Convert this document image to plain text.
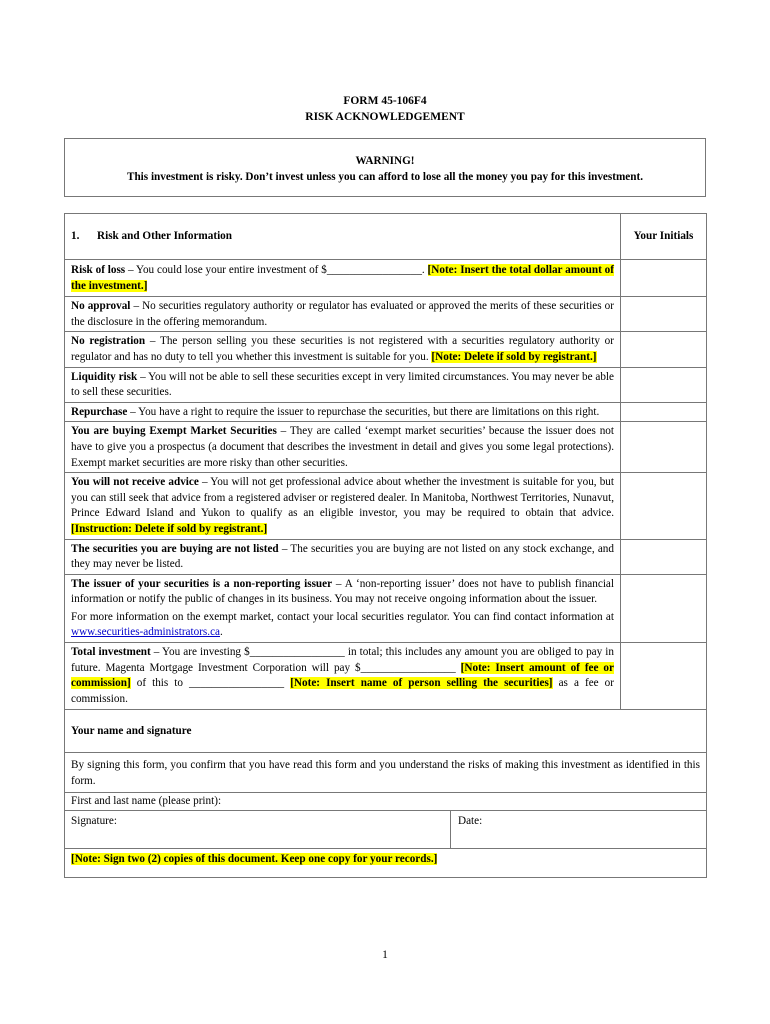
FORM 45-106F4
RISK ACKNOWLEDGEMENT
WARNING!
This investment is risky. Don’t invest unless you can afford to lose all the money you pay for this investment.
1. Risk and Other Information	Your Initials
Risk of loss – You could lose your entire investment of $_________________. [Note: Insert the total dollar amount of the investment.]	
No approval – No securities regulatory authority or regulator has evaluated or approved the merits of these securities or the disclosure in the offering memorandum.	
No registration – The person selling you these securities is not registered with a securities regulatory authority or regulator and has no duty to tell you whether this investment is suitable for you. [Note: Delete if sold by registrant.]	
Liquidity risk – You will not be able to sell these securities except in very limited circumstances. You may never be able to sell these securities.	
Repurchase – You have a right to require the issuer to repurchase the securities, but there are limitations on this right.	
You are buying Exempt Market Securities – They are called ‘exempt market securities’ because the issuer does not have to give you a prospectus (a document that describes the investment in detail and gives you some legal protections). Exempt market securities are more risky than other securities.	
You will not receive advice – You will not get professional advice about whether the investment is suitable for you, but you can still seek that advice from a registered adviser or registered dealer. In Manitoba, Northwest Territories, Nunavut, Prince Edward Island and Yukon to qualify as an eligible investor, you may be required to obtain that advice. [Instruction: Delete if sold by registrant.]	
The securities you are buying are not listed – The securities you are buying are not listed on any stock exchange, and they may never be listed.	

The issuer of your securities is a non-reporting issuer – A ‘non-reporting issuer’ does not have to publish financial information or notify the public of changes in its business. You may not receive ongoing information about the issuer.
For more information on the exempt market, contact your local securities regulator. You can find contact information at www.securities-administrators.ca.	

Total investment – You are investing $_________________ in total; this includes any amount you are obliged to pay in future. Magenta Mortgage Investment Corporation will pay $_________________ [Note: Insert amount of fee or commission] of this to _________________ [Note: Insert name of person selling the securities] as a fee or commission.	
Your name and signature	
By signing this form, you confirm that you have read this form and you understand the risks of making this investment as identified in this form.	
First and last name (please print):	

Signature: Date:	

[Note: Sign two (2) copies of this document. Keep one copy for your records.]	
1
